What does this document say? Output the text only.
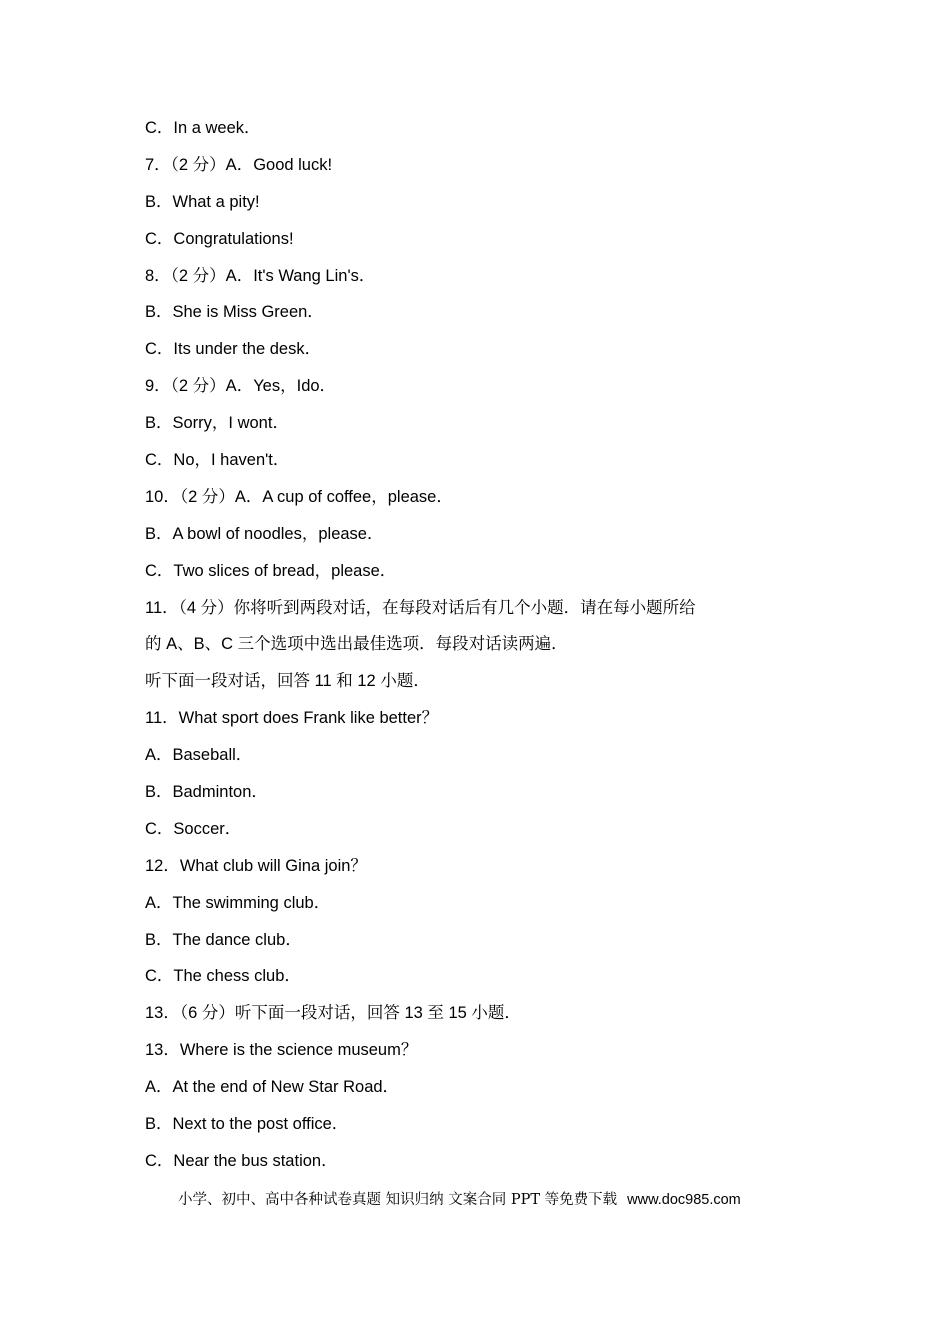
C．In a week．
7．（2 分）A．Good luck!
B．What a pity!
C．Congratulations!
8．（2 分）A．It's Wang Lin's．
B．She is Miss Green．
C．Its under the desk．
9．（2 分）A．Yes，Ido．
B．Sorry，I wont．
C．No，I haven't．
10．（2 分）A．A cup of coffee，please．
B．A bowl of noodles，please．
C．Two slices of bread，please．
11．（4 分）你将听到两段对话，在每段对话后有几个小题．请在每小题所给
的 A、B、C 三个选项中选出最佳选项．每段对话读两遍．
听下面一段对话，回答 11 和 12 小题．
11．What sport does Frank like better？
A．Baseball．
B．Badminton．
C．Soccer．
12．What club will Gina join？
A．The swimming club．
B．The dance club．
C．The chess club．
13．（6 分）听下面一段对话，回答 13 至 15 小题．
13．Where is the science museum？
A．At the end of New Star Road．
B．Next to the post office．
C．Near the bus station．
小学、初中、高中各种试卷真题 知识归纳 文案合同 PPT 等免费下载 www.doc985.com
